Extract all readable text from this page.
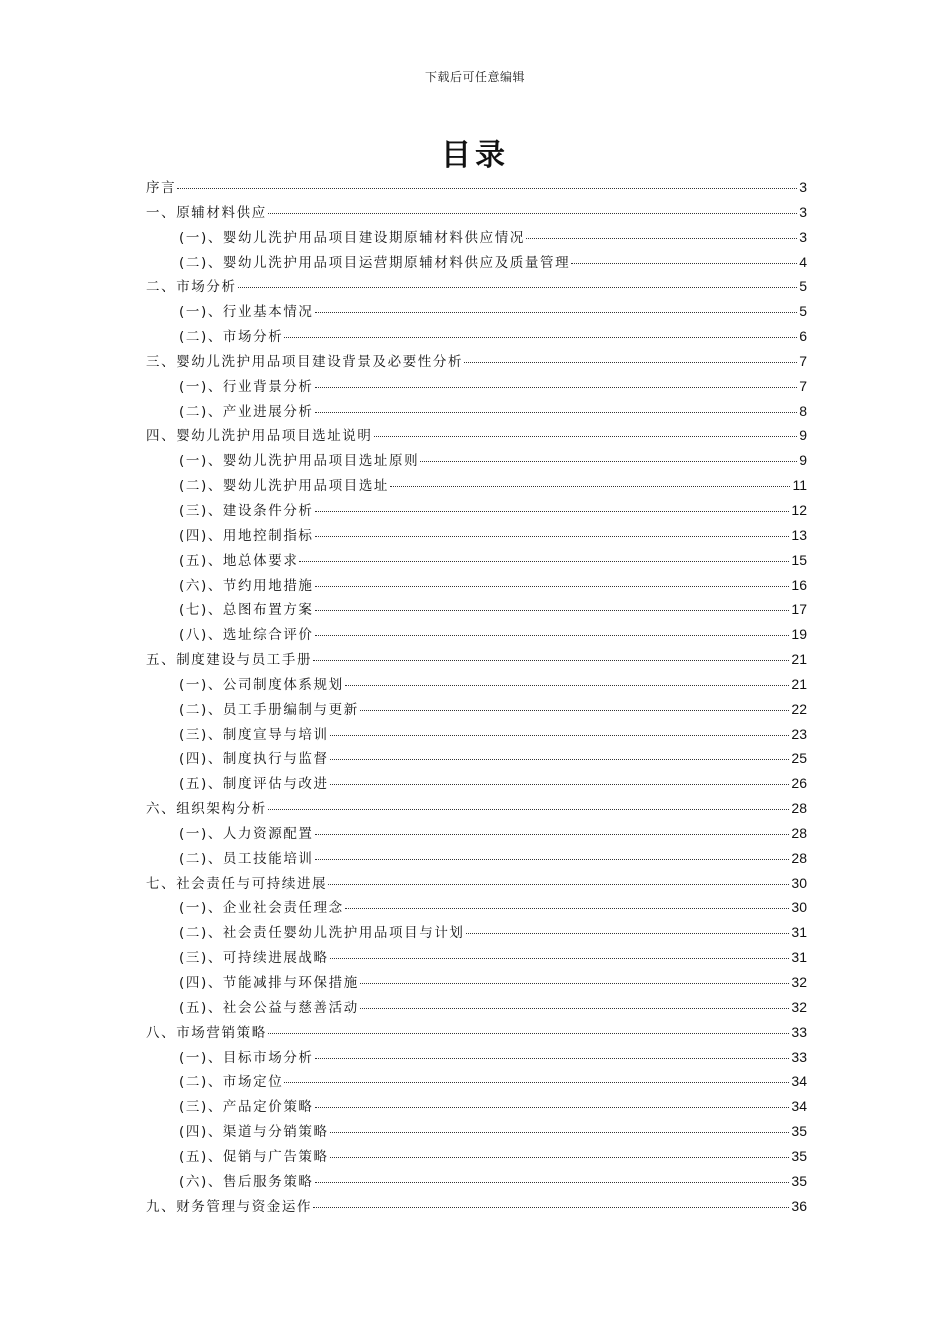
下载后可任意编辑
目录
序言	3
一、原辅材料供应	3
(一)、婴幼儿洗护用品项目建设期原辅材料供应情况	3
(二)、婴幼儿洗护用品项目运营期原辅材料供应及质量管理	4
二、市场分析	5
(一)、行业基本情况	5
(二)、市场分析	6
三、婴幼儿洗护用品项目建设背景及必要性分析	7
(一)、行业背景分析	7
(二)、产业进展分析	8
四、婴幼儿洗护用品项目选址说明	9
(一)、婴幼儿洗护用品项目选址原则	9
(二)、婴幼儿洗护用品项目选址	11
(三)、建设条件分析	12
(四)、用地控制指标	13
(五)、地总体要求	15
(六)、节约用地措施	16
(七)、总图布置方案	17
(八)、选址综合评价	19
五、制度建设与员工手册	21
(一)、公司制度体系规划	21
(二)、员工手册编制与更新	22
(三)、制度宣导与培训	23
(四)、制度执行与监督	25
(五)、制度评估与改进	26
六、组织架构分析	28
(一)、人力资源配置	28
(二)、员工技能培训	28
七、社会责任与可持续进展	30
(一)、企业社会责任理念	30
(二)、社会责任婴幼儿洗护用品项目与计划	31
(三)、可持续进展战略	31
(四)、节能减排与环保措施	32
(五)、社会公益与慈善活动	32
八、市场营销策略	33
(一)、目标市场分析	33
(二)、市场定位	34
(三)、产品定价策略	34
(四)、渠道与分销策略	35
(五)、促销与广告策略	35
(六)、售后服务策略	35
九、财务管理与资金运作	36
